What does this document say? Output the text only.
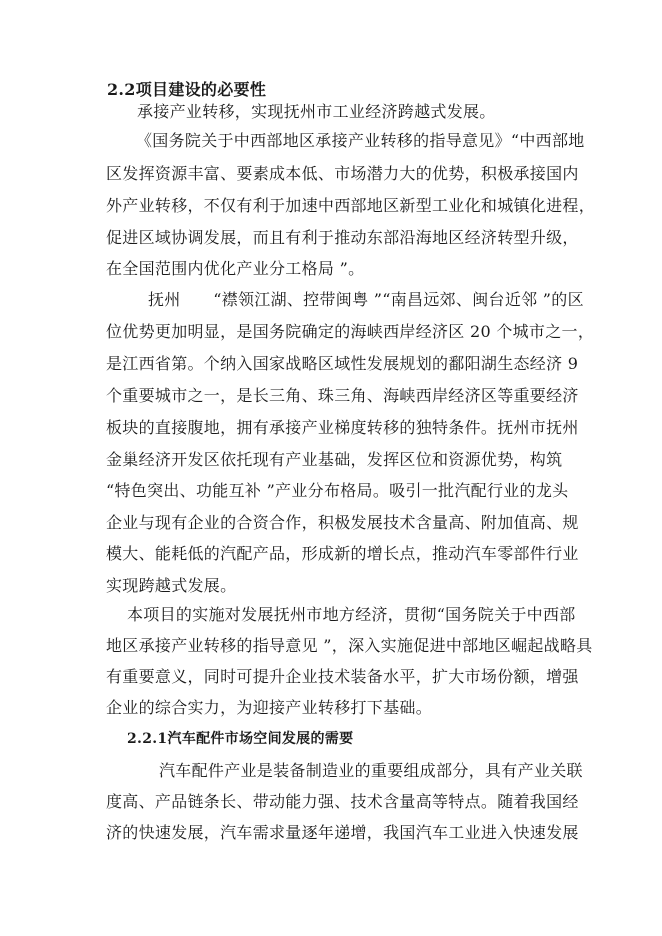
2.2项目建设的必要性
承接产业转移，实现抚州市工业经济跨越式发展。
《国务院关于中西部地区承接产业转移的指导意见》“中西部地
区发挥资源丰富、要素成本低、市场潜力大的优势，积极承接国内
外产业转移，不仅有利于加速中西部地区新型工业化和城镇化进程，
促进区域协调发展，而且有利于推动东部沿海地区经济转型升级，
在全国范围内优化产业分工格局 ”。
抚州　　“襟领江湖、控带闽粤 ”“南昌远郊、闽台近邻 ”的区
位优势更加明显，是国务院确定的海峡西岸经济区 20 个城市之一，
是江西省第。个纳入国家战略区域性发展规划的鄱阳湖生态经济 9
个重要城市之一，是长三角、珠三角、海峡西岸经济区等重要经济
板块的直接腹地，拥有承接产业梯度转移的独特条件。抚州市抚州
金巢经济开发区依托现有产业基础，发挥区位和资源优势，构筑
“特色突出、功能互补 ”产业分布格局。吸引一批汽配行业的龙头
企业与现有企业的合资合作，积极发展技术含量高、附加值高、规
模大、能耗低的汽配产品，形成新的增长点，推动汽车零部件行业
实现跨越式发展。
本项目的实施对发展抚州市地方经济，贯彻“国务院关于中西部
地区承接产业转移的指导意见 ”，深入实施促进中部地区崛起战略具
有重要意义，同时可提升企业技术装备水平，扩大市场份额，增强
企业的综合实力，为迎接产业转移打下基础。
2.2.1汽车配件市场空间发展的需要
汽车配件产业是装备制造业的重要组成部分，具有产业关联
度高、产品链条长、带动能力强、技术含量高等特点。随着我国经
济的快速发展，汽车需求量逐年递增，我国汽车工业进入快速发展
